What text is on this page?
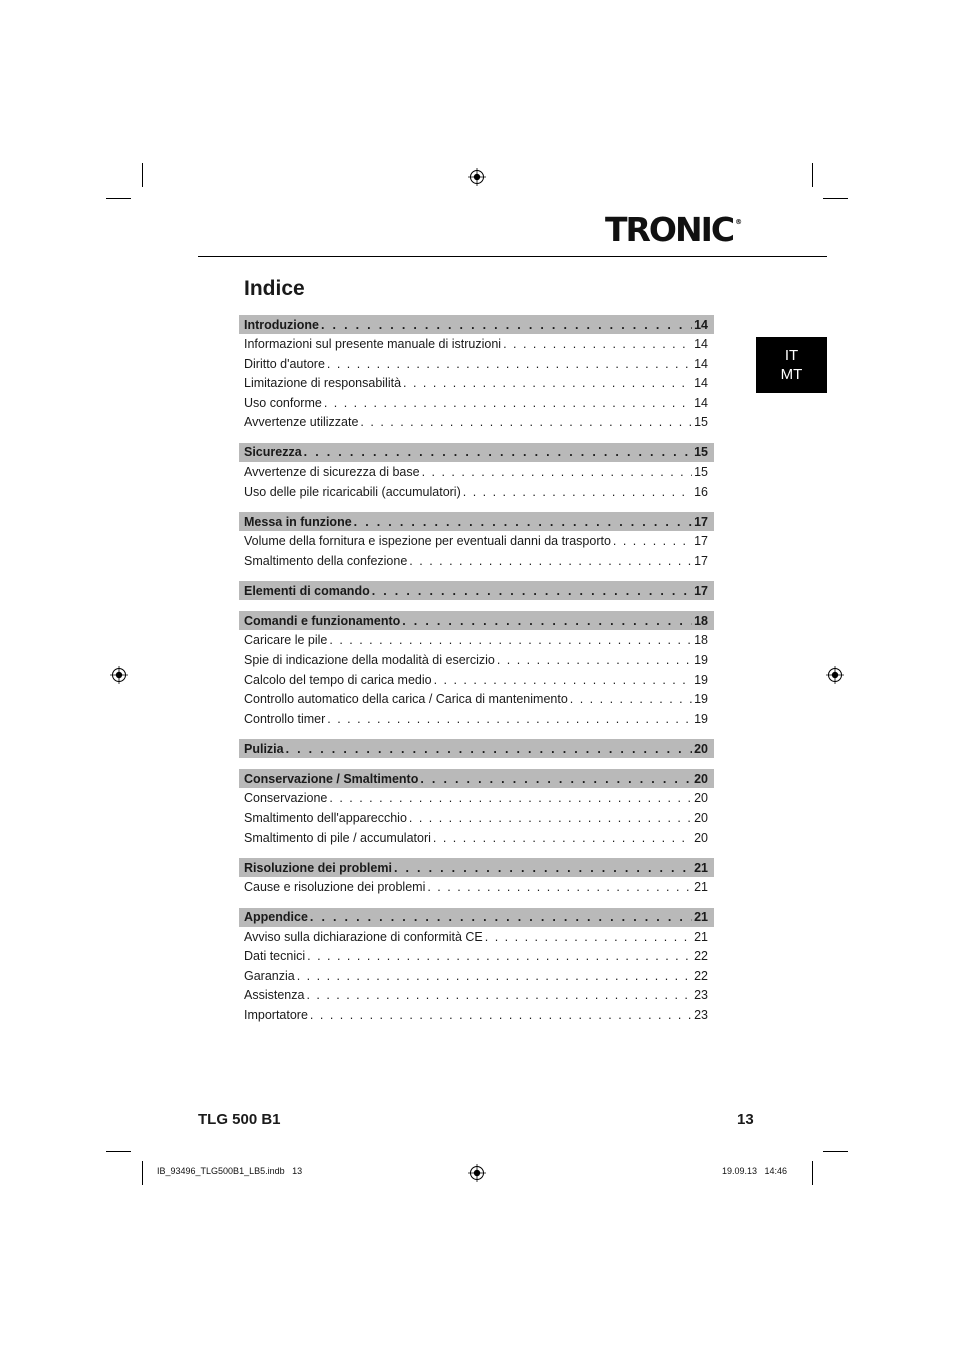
TRONIC ®
Indice
IT
MT
Introduzione . . .	14
Informazioni sul presente manuale di istruzioni . . .	14
Diritto d'autore . . .	14
Limitazione di responsabilità . . .	14
Uso conforme . . .	14
Avvertenze utilizzate . . .	15
Sicurezza . . .	15
Avvertenze di sicurezza di base . . .	15
Uso delle pile ricaricabili (accumulatori) . . .	16
Messa in funzione . . .	17
Volume della fornitura e ispezione per eventuali danni da trasporto . . .	17
Smaltimento della confezione . . .	17
Elementi di comando . . .	17
Comandi e funzionamento . . .	18
Caricare le pile . . .	18
Spie di indicazione della modalità di esercizio . . .	19
Calcolo del tempo di carica medio . . .	19
Controllo automatico della carica / Carica di mantenimento . . .	19
Controllo timer . . .	19
Pulizia . . .	20
Conservazione / Smaltimento . . .	20
Conservazione . . .	20
Smaltimento dell'apparecchio . . .	20
Smaltimento di pile / accumulatori . . .	20
Risoluzione dei problemi . . .	21
Cause e risoluzione dei problemi . . .	21
Appendice . . .	21
Avviso sulla dichiarazione di conformità CE . . .	21
Dati tecnici . . .	22
Garanzia . . .	22
Assistenza . . .	23
Importatore . . .	23
TLG 500 B1	13
IB_93496_TLG500B1_LB5.indb   13	19.09.13   14:46
